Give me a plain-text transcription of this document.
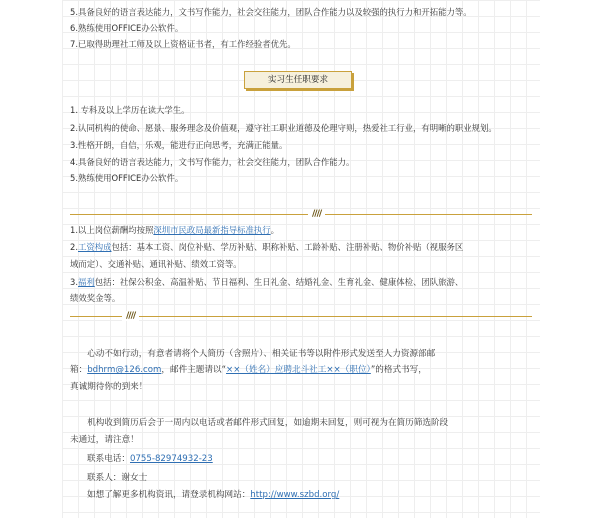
5.具备良好的语言表达能力，文书写作能力，社会交往能力，团队合作能力以及较强的执行力和开拓能力等。
6.熟练使用OFFICE办公软件。
7.已取得助理社工师及以上资格证书者，有工作经验者优先。
实习生任职要求
1. 专科及以上学历在读大学生。
2.认同机构的使命、愿景、服务理念及价值观，遵守社工职业道德及伦理守则，热爱社工行业，有明晰的职业规划。
3.性格开朗，自信，乐观，能进行正向思考，充满正能量。
4.具备良好的语言表达能力，文书写作能力，社会交往能力，团队合作能力。
5.熟练使用OFFICE办公软件。
////
1.以上岗位薪酬均按照深圳市民政局最新指导标准执行。
2.工资构成包括：基本工资、岗位补贴、学历补贴、职称补贴、工龄补贴、注册补贴、物价补贴（视服务区
域而定）、交通补贴、通讯补贴、绩效工资等。
3.福利包括：社保公积金、高温补贴、节日福利、生日礼金、结婚礼金、生育礼金、健康体检、团队旅游、
绩效奖金等。
////
心动不如行动，有意者请将个人简历（含照片）、相关证书等以附件形式发送至人力资源部邮
箱：bdhrm@126.com，邮件主题请以“××（姓名）应聘北斗社工××（职位）”的格式书写，
真诚期待你的到来！
机构收到简历后会于一周内以电话或者邮件形式回复，如逾期未回复，则可视为在简历筛选阶段
未通过，请注意！
联系电话：0755-82974932-23
联系人：谢女士
如想了解更多机构资讯，请登录机构网站：http://www.szbd.org/
